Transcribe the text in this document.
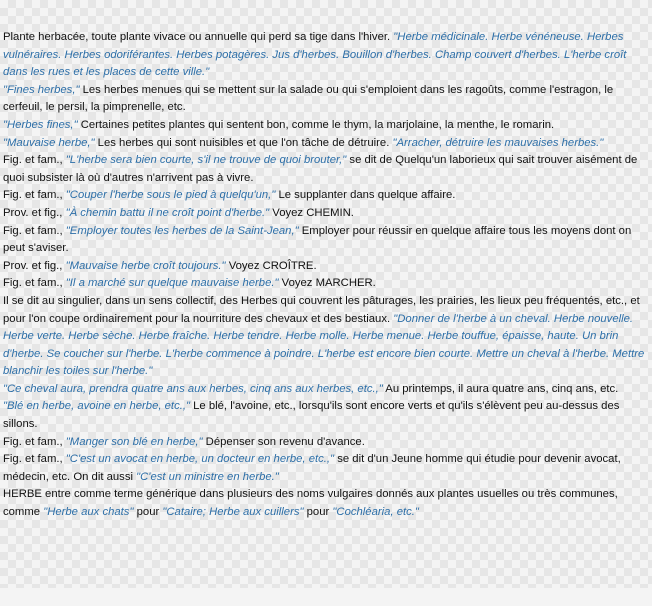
Plante herbacée, toute plante vivace ou annuelle qui perd sa tige dans l'hiver. "Herbe médicinale. Herbe vénéneuse. Herbes vulnéraires. Herbes odoriférantes. Herbes potagères. Jus d'herbes. Bouillon d'herbes. Champ couvert d'herbes. L'herbe croît dans les rues et les places de cette ville."

"Fines herbes," Les herbes menues qui se mettent sur la salade ou qui s'emploient dans les ragoûts, comme l'estragon, le cerfeuil, le persil, la pimprenelle, etc.

"Herbes fines," Certaines petites plantes qui sentent bon, comme le thym, la marjolaine, la menthe, le romarin.

"Mauvaise herbe," Les herbes qui sont nuisibles et que l'on tâche de détruire. "Arracher, détruire les mauvaises herbes."

Fig. et fam., "L'herbe sera bien courte, s'il ne trouve de quoi brouter," se dit de Quelqu'un laborieux qui sait trouver aisément de quoi subsister là où d'autres n'arrivent pas à vivre.

Fig. et fam., "Couper l'herbe sous le pied à quelqu'un," Le supplanter dans quelque affaire.

Prov. et fig., "À chemin battu il ne croît point d'herbe." Voyez CHEMIN.

Fig. et fam., "Employer toutes les herbes de la Saint-Jean," Employer pour réussir en quelque affaire tous les moyens dont on peut s'aviser.

Prov. et fig., "Mauvaise herbe croît toujours." Voyez CROÎTRE.

Fig. et fam., "Il a marché sur quelque mauvaise herbe." Voyez MARCHER.

Il se dit au singulier, dans un sens collectif, des Herbes qui couvrent les pâturages, les prairies, les lieux peu fréquentés, etc., et pour l'on coupe ordinairement pour la nourriture des chevaux et des bestiaux. "Donner de l'herbe à un cheval. Herbe nouvelle. Herbe verte. Herbe sèche. Herbe fraîche. Herbe tendre. Herbe molle. Herbe menue. Herbe touffue, épaisse, haute. Un brin d'herbe. Se coucher sur l'herbe. L'herbe commence à poindre. L'herbe est encore bien courte. Mettre un cheval à l'herbe. Mettre blanchir les toiles sur l'herbe."

"Ce cheval aura, prendra quatre ans aux herbes, cinq ans aux herbes, etc.," Au printemps, il aura quatre ans, cinq ans, etc.

"Blé en herbe, avoine en herbe, etc.," Le blé, l'avoine, etc., lorsqu'ils sont encore verts et qu'ils s'élèvent peu au-dessus des sillons.

Fig. et fam., "Manger son blé en herbe," Dépenser son revenu d'avance.

Fig. et fam., "C'est un avocat en herbe, un docteur en herbe, etc.," se dit d'un Jeune homme qui étudie pour devenir avocat, médecin, etc. On dit aussi "C'est un ministre en herbe."

HERBE entre comme terme générique dans plusieurs des noms vulgaires donnés aux plantes usuelles ou très communes, comme "Herbe aux chats" pour "Cataire; Herbe aux cuillers" pour "Cochléaria, etc."
